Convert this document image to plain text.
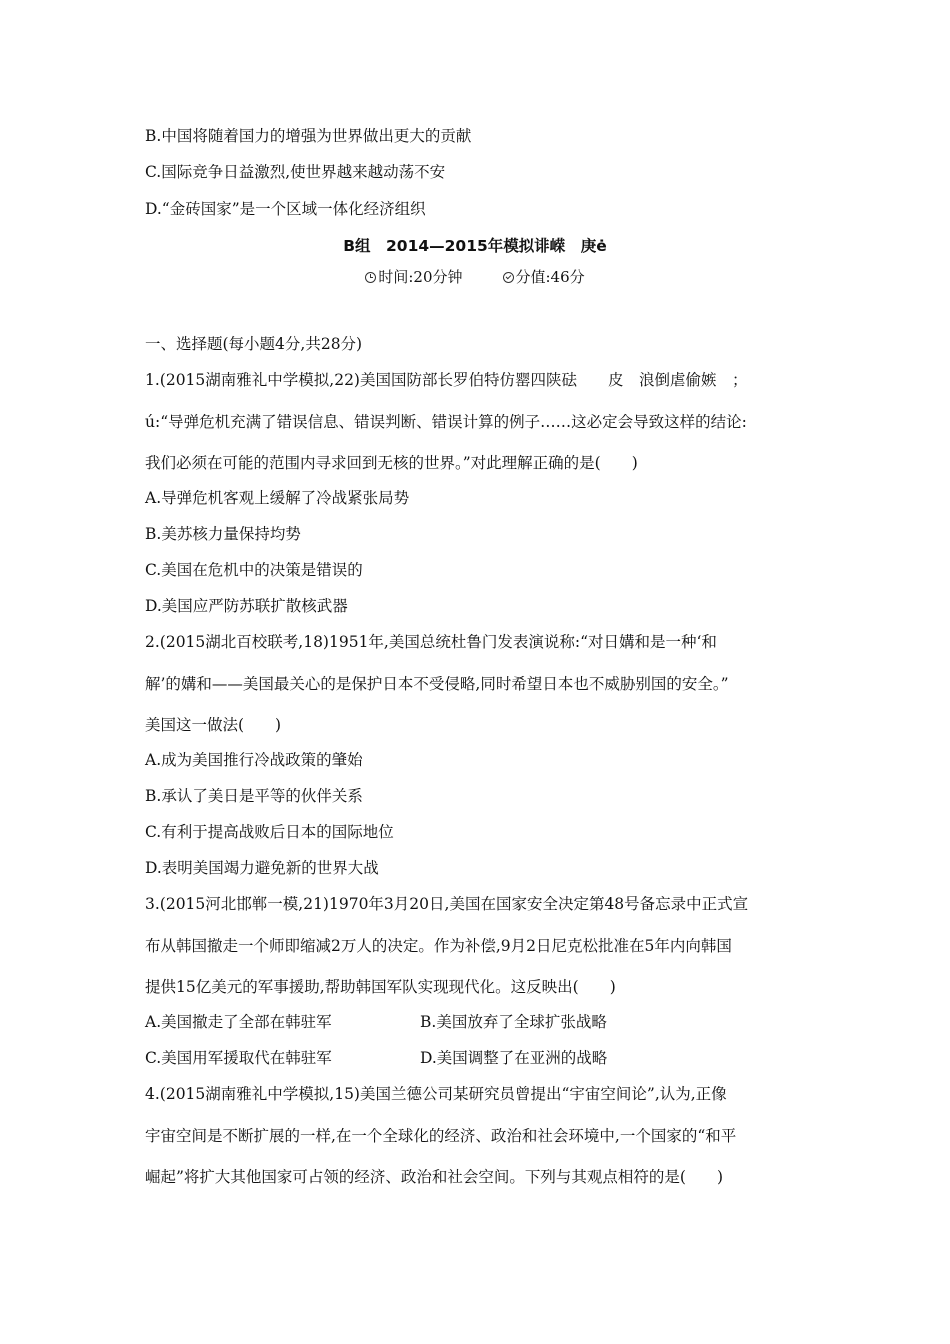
B.中国将随着国力的增强为世界做出更大的贡献
C.国际竞争日益激烈,使世界越来越动荡不安
D.“金砖国家”是一个区域一体化经济组织
B组　2014—2015年模拟诽嵘　庚ė
时间:20分钟	分值:46分
一、选择题(每小题4分,共28分)
1.(2015湖南雅礼中学模拟,22)美国国防部长罗伯特仿罂四陕砝　　皮　浪倒虐偷嫉　；
ú:“导弹危机充满了错误信息、错误判断、错误计算的例子……这必定会导致这样的结论:
我们必须在可能的范围内寻求回到无核的世界。”对此理解正确的是(　　)
A.导弹危机客观上缓解了冷战紧张局势
B.美苏核力量保持均势
C.美国在危机中的决策是错误的
D.美国应严防苏联扩散核武器
2.(2015湖北百校联考,18)1951年,美国总统杜鲁门发表演说称:“对日媾和是一种‘和
解’的媾和——美国最关心的是保护日本不受侵略,同时希望日本也不威胁别国的安全。”
美国这一做法(　　)
A.成为美国推行冷战政策的肇始
B.承认了美日是平等的伙伴关系
C.有利于提高战败后日本的国际地位
D.表明美国竭力避免新的世界大战
3.(2015河北邯郸一模,21)1970年3月20日,美国在国家安全决定第48号备忘录中正式宣
布从韩国撤走一个师即缩减2万人的决定。作为补偿,9月2日尼克松批准在5年内向韩国
提供15亿美元的军事援助,帮助韩国军队实现现代化。这反映出(　　)
A.美国撤走了全部在韩驻军	B.美国放弃了全球扩张战略
C.美国用军援取代在韩驻军	D.美国调整了在亚洲的战略
4.(2015湖南雅礼中学模拟,15)美国兰德公司某研究员曾提出“宇宙空间论”,认为,正像
宇宙空间是不断扩展的一样,在一个全球化的经济、政治和社会环境中,一个国家的“和平
崛起”将扩大其他国家可占领的经济、政治和社会空间。下列与其观点相符的是(　　)
